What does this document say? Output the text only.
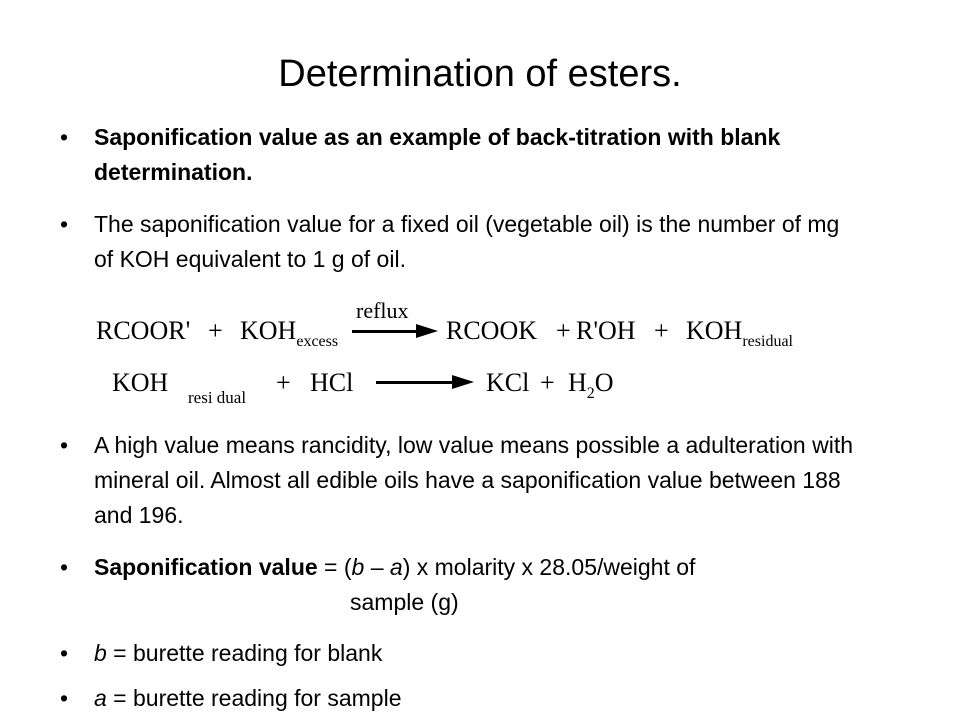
Determination of esters.
•	Saponification value as an example of back-titration with blank determination.
•	The saponification value for a fixed oil (vegetable oil) is the number of mg of KOH equivalent to 1 g of oil.
RCOOR' + $KOH_{excess}$
reflux
RCOOK + $R'OH + KOH_{residual}$
KOH
resi dual
+ HCl	KCl + $H_2O$
•	A high value means rancidity, low value means possible a adulteration with mineral oil. Almost all edible oils have a saponification value between 188 and 196.
•	Saponification value = (b – a) x molarity x 28.05/weight of
sample (g)
•	b = burette reading for blank
•	a = burette reading for sample
